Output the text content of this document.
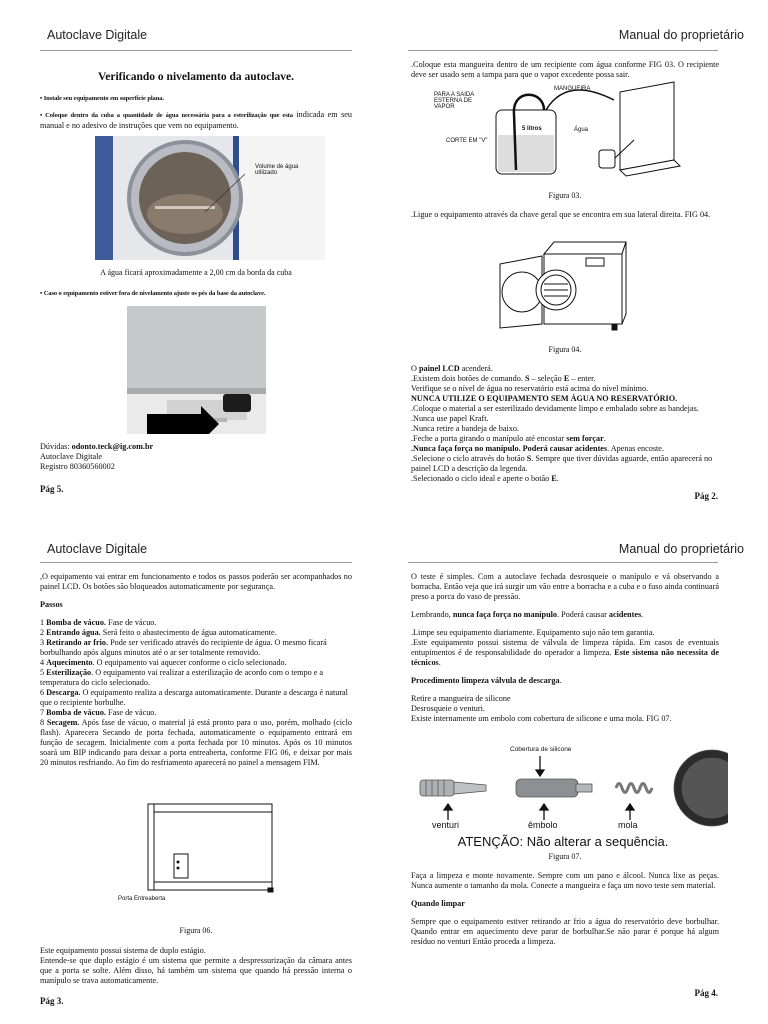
Autoclave Digitale
Verificando o nivelamento da autoclave.

• Instale seu equipamento em superfície plana.

• Coloque dentro da cuba a quantidade de água necessária para a esterilização que esta indicada em seu manual e no adesivo de instruções que vem no equipamento.

Volume de água utilizado
A água ficará aproximadamente a 2,00 cm da borda da cuba

• Caso o equipamento estiver fora de nivelamento ajuste os pés da base da autoclave.

Dúvidas: odonto.teck@ig.com.br
Autoclave Digitale
Registro 80360560002
Pág 5.
Manual do proprietário

.Coloque esta mangueira dentro de um recipiente com água conforme FIG 03. O recipiente deve ser usado sem a tampa para que o vapor excedente possa sair.

PARA A SAIDA ESTERNA DE VAPOR
MANGUEIRA
5 litros	Água
CORTE EM "V"
Figura 03.

.Ligue o equipamento através da chave geral que se encontra em sua lateral direita. FIG 04.

Figura 04.
O painel LCD acenderá.
.Existem dois botões de comando. S – seleção E – enter.
Verifique se o nível de água no reservatório está acima do nível mínimo.
NUNCA UTILIZE O EQUIPAMENTO SEM ÁGUA NO RESERVATÓRIO.
.Coloque o material a ser esterilizado devidamente limpo e embalado sobre as bandejas.
.Nunca use papel Kraft.
.Nunca retire a bandeja de baixo.
.Feche a porta girando o manípulo até encostar sem forçar.
.Nunca faça força no manípulo. Poderá causar acidentes. Apenas encoste.
.Selecione o ciclo através do botão S. Sempre que tiver dúvidas aguarde, então aparecerá no painel LCD a descrição da legenda.
.Selecionado o ciclo ideal e aperte o botão E.
Pág 2.
Autoclave Digitale

,O equipamento vai entrar em funcionamento e todos os passos poderão ser acompanhados no painel LCD. Os botões são bloqueados automaticamente por segurança.

Passos

1 Bomba de vácuo. Fase de vácuo.
2 Entrando água. Será feito o abastecimento de água automaticamente.
3 Retirando ar frio. Pode ser verificado através do recipiente de água. O mesmo ficará borbulhando após alguns minutos até o ar ser totalmente removido.
4 Aquecimento. O equipamento vai aquecer conforme o ciclo selecionado.
5 Esterilização. O equipamento vai realizar a esterilização de acordo com o tempo e a temperatura do ciclo selecionado.
6 Descarga. O equipamento realiza a descarga automaticamente. Durante a descarga é natural que o recipiente borbulhe.
7 Bomba de vácuo. Fase de vácuo.
8 Secagem. Após fase de vácuo, o material já está pronto para o uso, porém, molhado (ciclo flash). Aparecera Secando de porta fechada, automaticamente o equipamento entrará em função de secagem. Inicialmente com a porta fechada por 10 minutos. Após os 10 minutos soará um BIP indicando para deixar a porta entreaberta, conforme FIG 06, e deixar por mais 20 minutos resfriando. Ao fim do resfriamento aparecerá no painel a mensagem FIM.
Porta Entreaberta
Figura 06.
Este equipamento possui sistema de duplo estágio.

Entende-se que duplo estágio é um sistema que permite a despressurização da câmara antes que a porta se solte. Além disso, há também um sistema que quando há pressão interna o manípulo se trava automaticamente.

Pág 3.
Manual do proprietário

O teste é simples. Com a autoclave fechada desrosqueie o manípulo e vá observando a borracha. Então veja que irá surgir um vão entre a borracha e a cuba e o fuso ainda continuará preso a porca do vaso de pressão.

Lembrando, nunca faça força no manípulo. Poderá causar acidentes.

.Limpe seu equipamento diariamente. Equipamento sujo não tem garantia.

.Este equipamento possui sistema de válvula de limpeza rápida. Em casos de eventuais entupimentos é de responsabilidade do operador a limpeza. Este sistema não necessita de técnicos.

Procedimento limpeza válvula de descarga.

Retire a mangueira de silicone
Desrosqueie o venturi.
Existe internamente um embolo com cobertura de silicone e uma mola. FIG 07.
Cobertura de silicone
venturi	êmbolo	mola
ATENÇÃO: Não alterar a sequência.
Figura 07.

Faça a limpeza e monte novamente. Sempre com um pano e álcool. Nunca lixe as peças. Nunca aumente o tamanho da mola. Conecte a mangueira e faça um novo teste sem material.

Quando limpar

Sempre que o equipamento estiver retirando ar frio a água do reservatório deve borbulhar. Quando entrar em aquecimento deve parar de borbulhar.Se não parar é porque há algum resíduo no venturi Então proceda a limpeza.

Pág 4.
